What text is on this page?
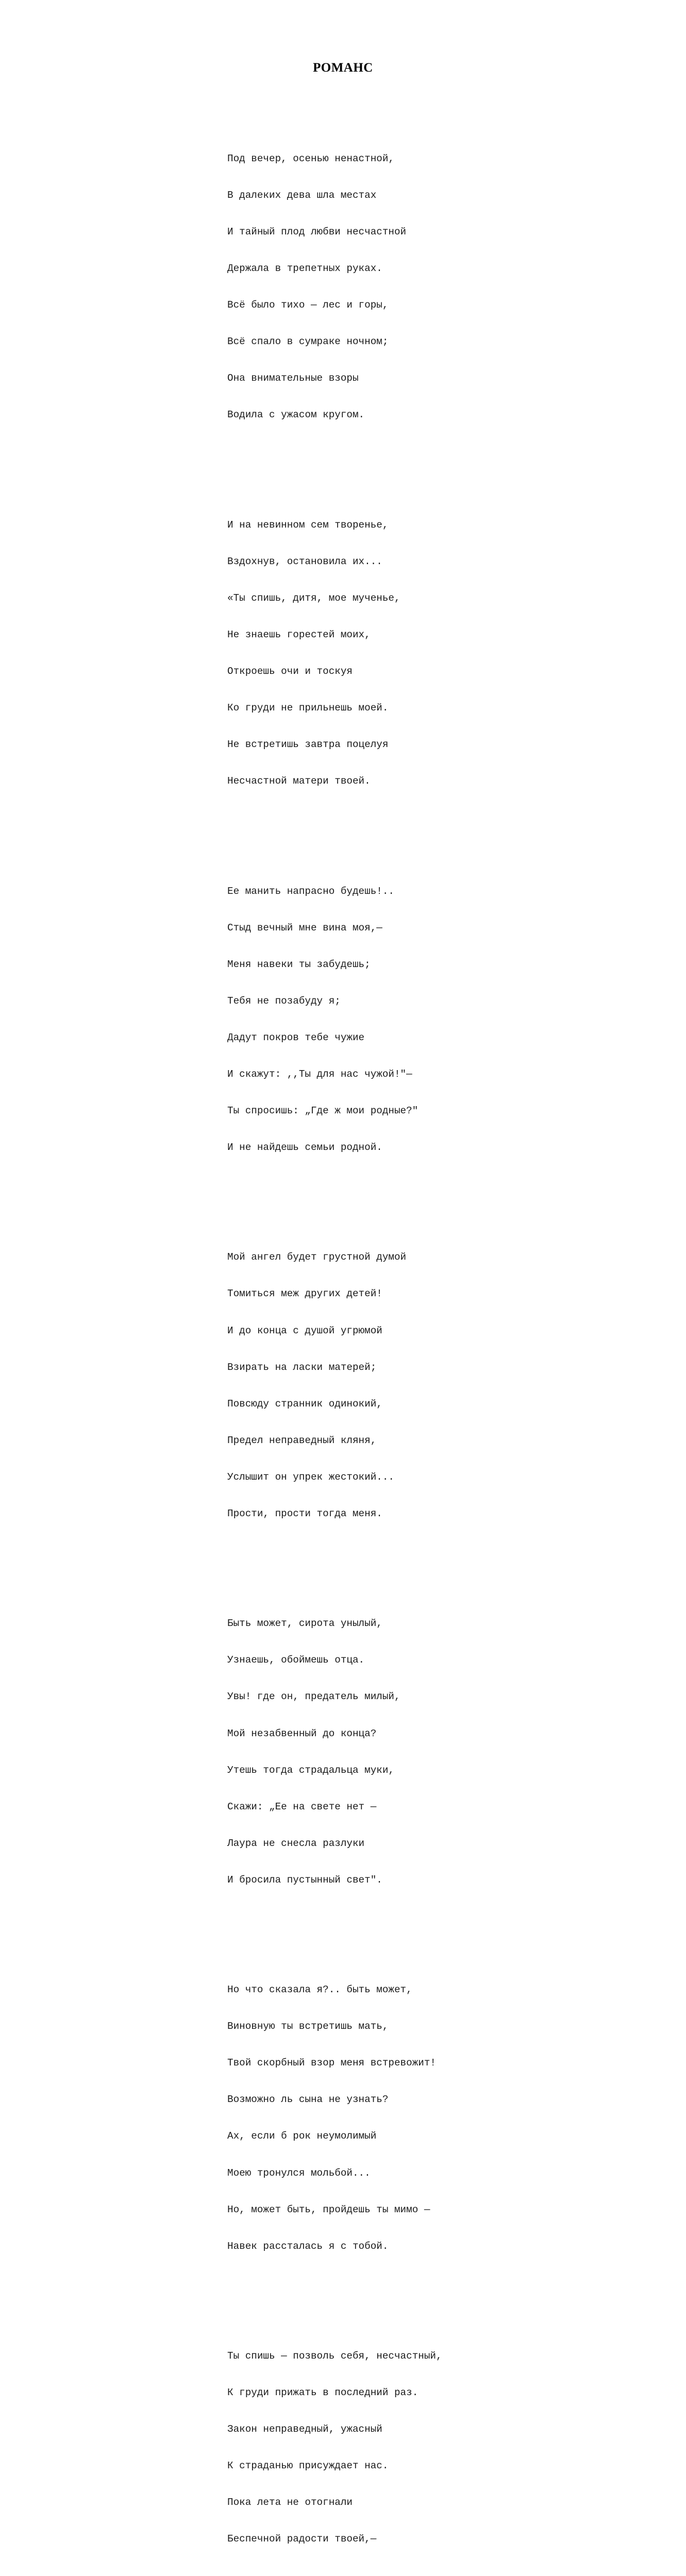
РОМАНС

Под вечер, осенью ненастной,

В далеких дева шла местах

И тайный плод любви несчастной

Держала в трепетных руках.

Всё было тихо — лес и горы,

Всё спало в сумраке ночном;

Она внимательные взоры

Водила с ужасом кругом.

И на невинном сем творенье,

Вздохнув, остановила их...

«Ты спишь, дитя, мое мученье,

Не знаешь горестей моих,

Откроешь очи и тоскуя

Ко груди не прильнешь моей.

Не встретишь завтра поцелуя

Несчастной матери твоей.

Ее манить напрасно будешь!..

Стыд вечный мне вина моя,—

Меня навеки ты забудешь;

Тебя не позабуду я;

Дадут покров тебе чужие

И скажут: ,,Ты для нас чужой!"—

Ты спросишь: „Где ж мои родные?"

И не найдешь семьи родной.

Мой ангел будет грустной думой

Томиться меж других детей!

И до конца с душой угрюмой

Взирать на ласки матерей;

Повсюду странник одинокий,

Предел неправедный кляня,

Услышит он упрек жестокий...

Прости, прости тогда меня.

Быть может, сирота унылый,

Узнаешь, обоймешь отца.

Увы! где он, предатель милый,

Мой незабвенный до конца?

Утешь тогда страдальца муки,

Скажи: „Ее на свете нет —

Лаура не снесла разлуки

И бросила пустынный свет".

Но что сказала я?.. быть может,

Виновную ты встретишь мать,

Твой скорбный взор меня встревожит!

Возможно ль сына не узнать?

Ах, если б рок неумолимый

Моею тронулся мольбой...

Но, может быть, пройдешь ты мимо —

Навек рассталась я с тобой.

Ты спишь — позволь себя, несчастный,

К груди прижать в последний раз.

Закон неправедный, ужасный

К страданью присуждает нас.

Пока лета не отогнали

Беспечной радости твоей,—
